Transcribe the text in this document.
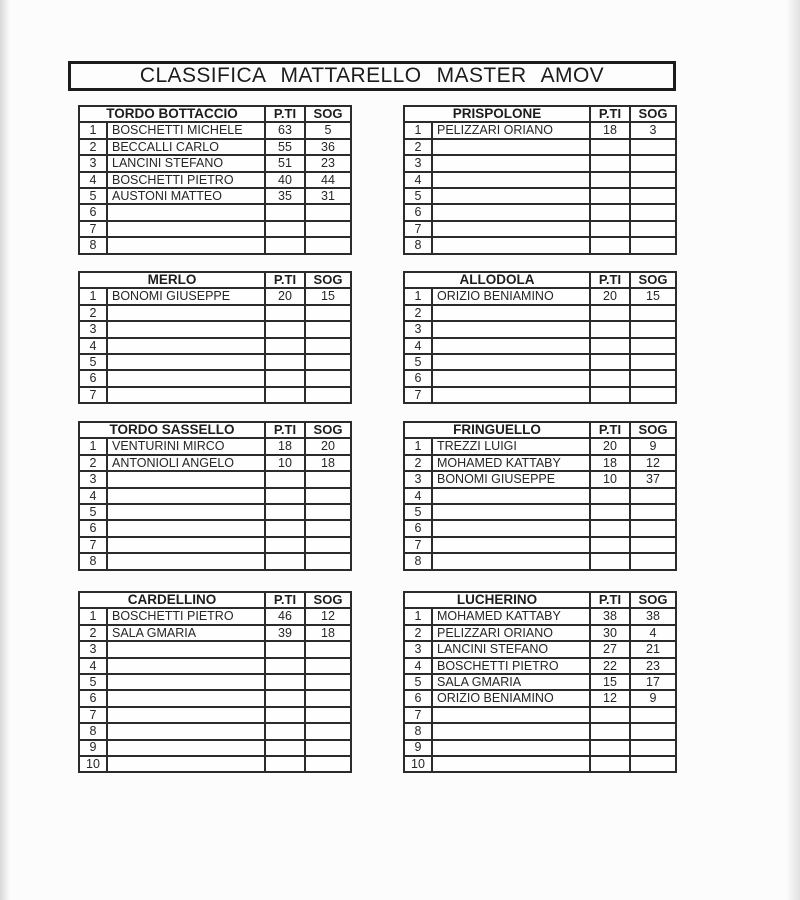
CLASSIFICA MATTARELLO MASTER AMOV
TORDO BOTTACCIO		P.TI	SOG
1	BOSCHETTI MICHELE	63	5
2	BECCALLI CARLO	55	36
3	LANCINI STEFANO	51	23
4	BOSCHETTI PIETRO	40	44
5	AUSTONI MATTEO	35	31
6			
7			
8			
PRISPOLONE		P.TI	SOG
1	PELIZZARI ORIANO	18	3
2			
3			
4			
5			
6			
7			
8			
MERLO		P.TI	SOG
1	BONOMI GIUSEPPE	20	15
2			
3			
4			
5			
6			
7			
ALLODOLA		P.TI	SOG
1	ORIZIO BENIAMINO	20	15
2			
3			
4			
5			
6			
7			
TORDO SASSELLO		P.TI	SOG
1	VENTURINI MIRCO	18	20
2	ANTONIOLI ANGELO	10	18
3			
4			
5			
6			
7			
8			
FRINGUELLO		P.TI	SOG
1	TREZZI LUIGI	20	9
2	MOHAMED KATTABY	18	12
3	BONOMI GIUSEPPE	10	37
4			
5			
6			
7			
8			
CARDELLINO		P.TI	SOG
1	BOSCHETTI PIETRO	46	12
2	SALA GMARIA	39	18
3			
4			
5			
6			
7			
8			
9			
10			
LUCHERINO		P.TI	SOG
1	MOHAMED KATTABY	38	38
2	PELIZZARI ORIANO	30	4
3	LANCINI STEFANO	27	21
4	BOSCHETTI PIETRO	22	23
5	SALA GMARIA	15	17
6	ORIZIO BENIAMINO	12	9
7			
8			
9			
10			
